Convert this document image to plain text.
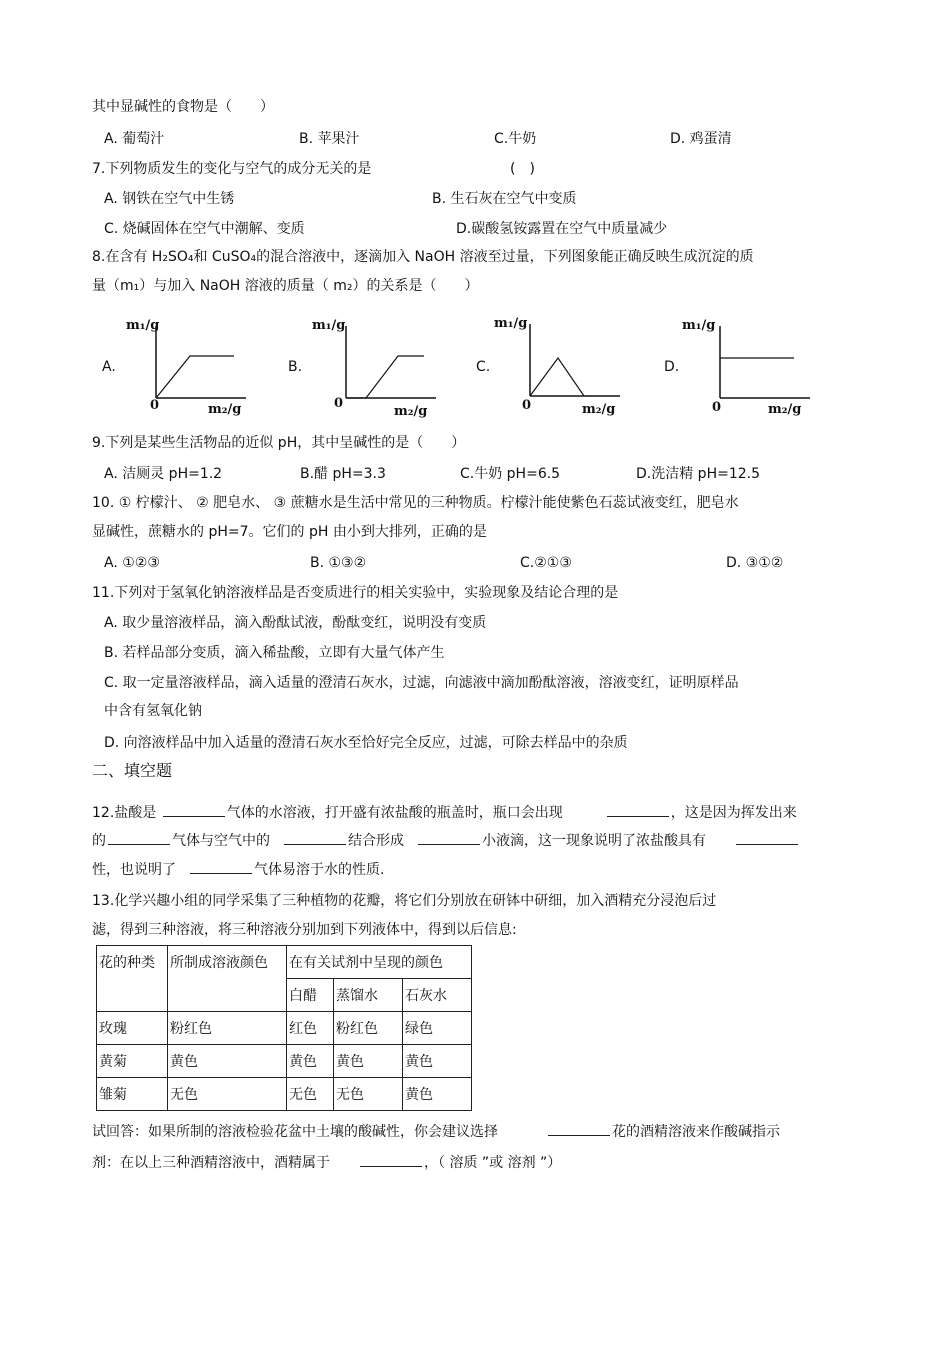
其中显碱性的食物是（　　）
A. 葡萄汁	B. 苹果汁	C.牛奶	D. 鸡蛋清
7.下列物质发生的变化与空气的成分无关的是	(　)
A. 钢铁在空气中生锈	B. 生石灰在空气中变质
C. 烧碱固体在空气中潮解、变质	D.碳酸氢铵露置在空气中质量减少
8.在含有 H₂SO₄和 CuSO₄的混合溶液中，逐滴加入 NaOH 溶液至过量，下列图象能正确反映生成沉淀的质
量（m₁）与加入 NaOH 溶液的质量（ m₂）的关系是（　　）
A.
m₁/g
0	m₂/g
B.
m₁/g
0
m₂/g
C.
m₁/g
0	m₂/g
D.
m₁/g
0	m₂/g
9.下列是某些生活物品的近似 pH，其中呈碱性的是（　　）
A. 洁厕灵 pH=1.2	B.醋 pH=3.3	C.牛奶 pH=6.5	D.洗洁精 pH=12.5
10. ① 柠檬汁、 ② 肥皂水、 ③ 蔗糖水是生活中常见的三种物质。柠檬汁能使紫色石蕊试液变红，肥皂水
显碱性，蔗糖水的 pH=7。它们的 pH 由小到大排列，正确的是
A. ①②③	B. ①③②	C.②①③	D. ③①②
11.下列对于氢氧化钠溶液样品是否变质进行的相关实验中，实验现象及结论合理的是
A. 取少量溶液样品，滴入酚酞试液，酚酞变红，说明没有变质
B. 若样品部分变质，滴入稀盐酸，立即有大量气体产生
C. 取一定量溶液样品，滴入适量的澄清石灰水，过滤，向滤液中滴加酚酞溶液，溶液变红，证明原样品
中含有氢氧化钠
D. 向溶液样品中加入适量的澄清石灰水至恰好完全反应，过滤，可除去样品中的杂质
二、填空题
12.盐酸是	气体的水溶液，打开盛有浓盐酸的瓶盖时，瓶口会出现	，这是因为挥发出来
的	气体与空气中的	结合形成	小液滴，这一现象说明了浓盐酸具有
性，也说明了	气体易溶于水的性质.
13.化学兴趣小组的同学采集了三种植物的花瓣，将它们分别放在研钵中研细，加入酒精充分浸泡后过
滤，得到三种溶液，将三种溶液分别加到下列液体中，得到以后信息:
花的种类	所制成溶液颜色	在有关试剂中呈现的颜色		
		白醋	蒸馏水	石灰水
玫瑰	粉红色	红色	粉红色	绿色
黄菊	黄色	黄色	黄色	黄色
雏菊	无色	无色	无色	黄色
试回答：如果所制的溶液检验花盆中土壤的酸碱性，你会建议选择	花的酒精溶液来作酸碱指示
剂：在以上三种酒精溶液中，酒精属于	，（ 溶质 ”或 溶剂 ”）
